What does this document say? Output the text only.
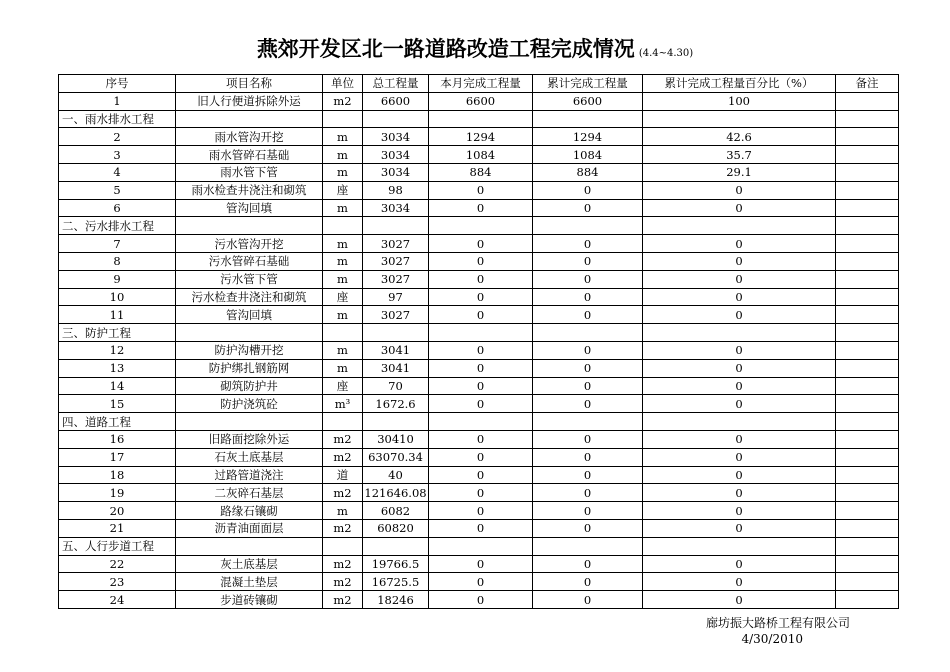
燕郊开发区北一路道路改造工程完成情况 (4.4~4.30)
序号	项目名称	单位	总工程量	本月完成工程量	累计完成工程量	累计完成工程量百分比（%）	备注
1	旧人行便道拆除外运	m2	6600	6600	6600	100	
一、雨水排水工程							
2	雨水管沟开挖	m	3034	1294	1294	42.6	
3	雨水管碎石基础	m	3034	1084	1084	35.7	
4	雨水管下管	m	3034	884	884	29.1	
5	雨水检查井浇注和砌筑	座	98	0	0	0	
6	管沟回填	m	3034	0	0	0	
二、污水排水工程							
7	污水管沟开挖	m	3027	0	0	0	
8	污水管碎石基础	m	3027	0	0	0	
9	污水管下管	m	3027	0	0	0	
10	污水检查井浇注和砌筑	座	97	0	0	0	
11	管沟回填	m	3027	0	0	0	
三、防护工程							
12	防护沟槽开挖	m	3041	0	0	0	
13	防护绑扎钢筋网	m	3041	0	0	0	
14	砌筑防护井	座	70	0	0	0	
15	防护浇筑砼	m³	1672.6	0	0	0	
四、道路工程							
16	旧路面挖除外运	m2	30410	0	0	0	
17	石灰土底基层	m2	63070.34	0	0	0	
18	过路管道浇注	道	40	0	0	0	
19	二灰碎石基层	m2	121646.08	0	0	0	
20	路缘石镶砌	m	6082	0	0	0	
21	沥青油面面层	m2	60820	0	0	0	
五、人行步道工程							
22	灰土底基层	m2	19766.5	0	0	0	
23	混凝土垫层	m2	16725.5	0	0	0	
24	步道砖镶砌	m2	18246	0	0	0	
廊坊振大路桥工程有限公司
4/30/2010
